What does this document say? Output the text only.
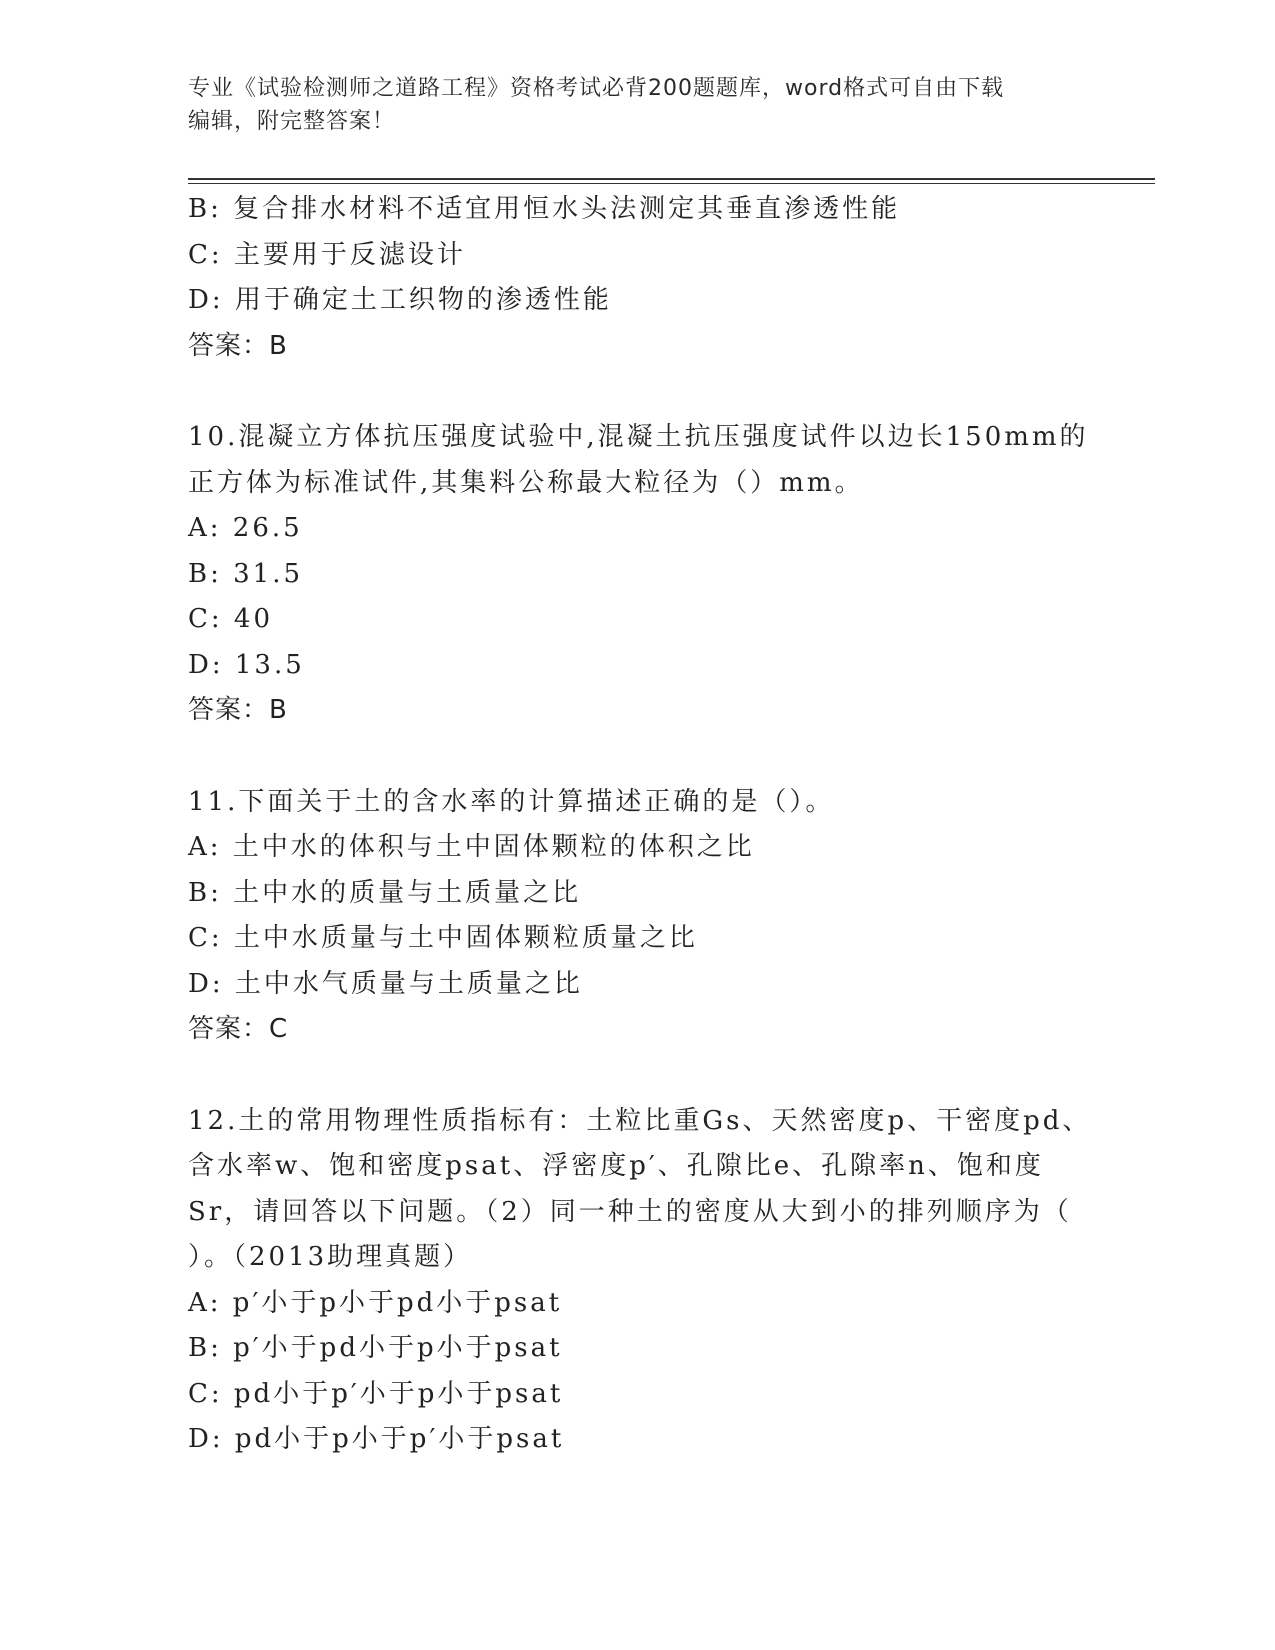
专业《试验检测师之道路工程》资格考试必背200题题库，word格式可自由下载
编辑，附完整答案！

B: 复合排水材料不适宜用恒水头法测定其垂直渗透性能

C: 主要用于反滤设计

D: 用于确定土工织物的渗透性能

答案：B

10.混凝立方体抗压强度试验中,混凝土抗压强度试件以边长150mm的

正方体为标准试件,其集料公称最大粒径为（）mm。

A: 26.5

B: 31.5

C: 40

D: 13.5

答案：B

11.下面关于土的含水率的计算描述正确的是（）。

A: 土中水的体积与土中固体颗粒的体积之比

B: 土中水的质量与土质量之比

C: 土中水质量与土中固体颗粒质量之比

D: 土中水气质量与土质量之比

答案：C

12.土的常用物理性质指标有：土粒比重Gs、天然密度p、干密度pd、

含水率w、饱和密度psat、浮密度p′、孔隙比e、孔隙率n、饱和度

Sr，请回答以下问题。（2）同一种土的密度从大到小的排列顺序为（

）。（2013助理真题）

A: p′小于p小于pd小于psat

B: p′小于pd小于p小于psat

C: pd小于p′小于p小于psat

D: pd小于p小于p′小于psat
